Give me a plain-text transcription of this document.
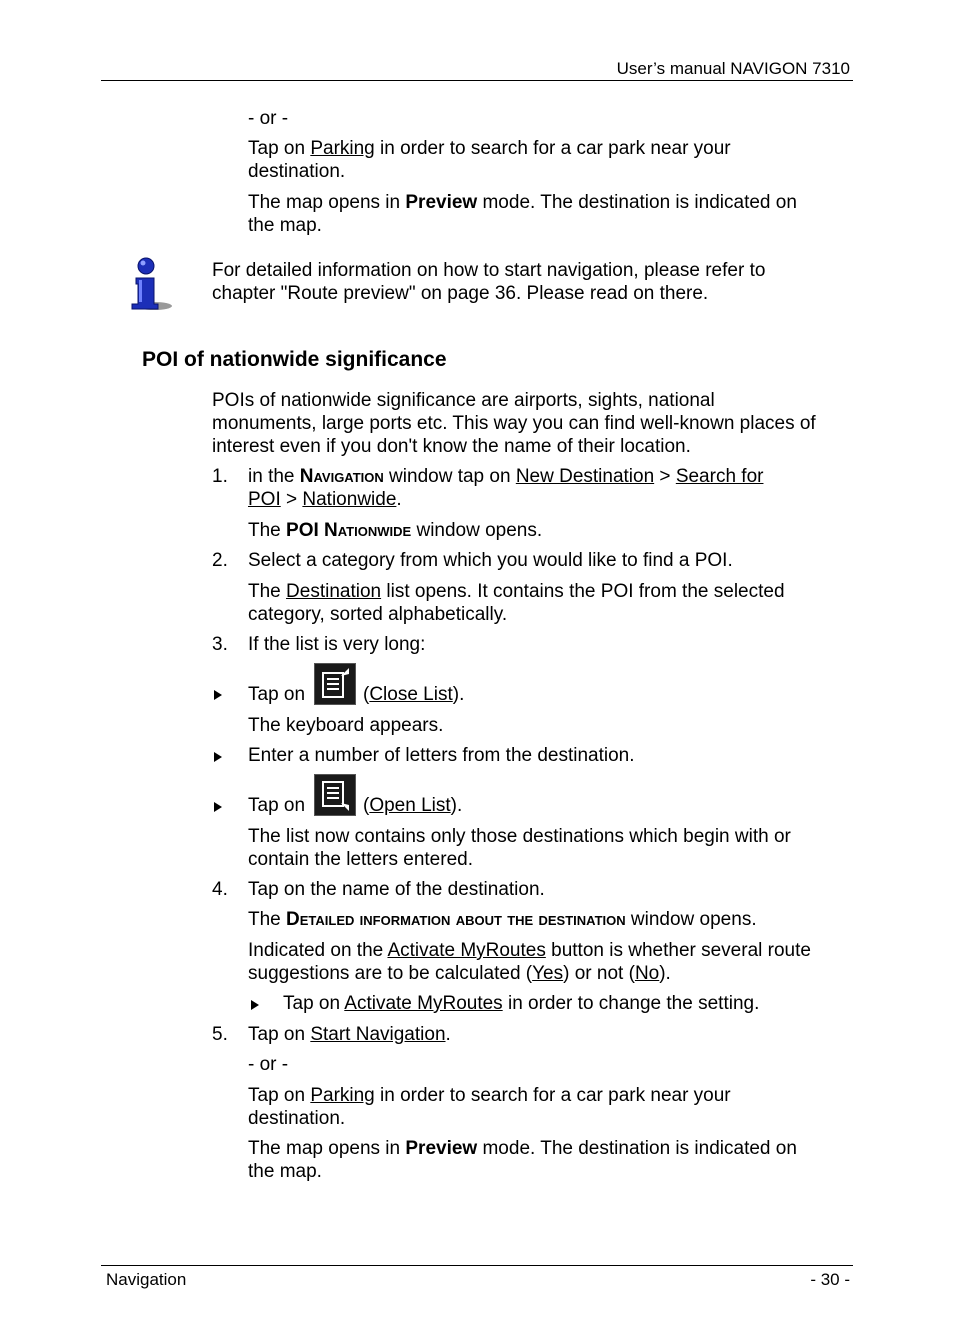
User’s manual NAVIGON 7310
- or -
Tap on Parking in order to search for a car park near your
destination.
The map opens in Preview mode. The destination is indicated on
the map.
For detailed information on how to start navigation, please refer to
chapter "Route preview" on page 36. Please read on there.
POI of nationwide significance
POIs of nationwide significance are airports, sights, national
monuments, large ports etc. This way you can find well-known places of
interest even if you don't know the name of their location.
1.	in the Navigation window tap on New Destination > Search for
POI > Nationwide.
The POI Nationwide window opens.
2.	Select a category from which you would like to find a POI.
The Destination list opens. It contains the POI from the selected
category, sorted alphabetically.
3.	If the list is very long:
Tap on	(Close List).
The keyboard appears.
Enter a number of letters from the destination.
Tap on	(Open List).
The list now contains only those destinations which begin with or
contain the letters entered.
4.	Tap on the name of the destination.
The Detailed information about the destination window opens.
Indicated on the Activate MyRoutes button is whether several route
suggestions are to be calculated (Yes) or not (No).
Tap on Activate MyRoutes in order to change the setting.
5.	Tap on Start Navigation.
- or -
Tap on Parking in order to search for a car park near your
destination.
The map opens in Preview mode. The destination is indicated on
the map.
Navigation	- 30 -
